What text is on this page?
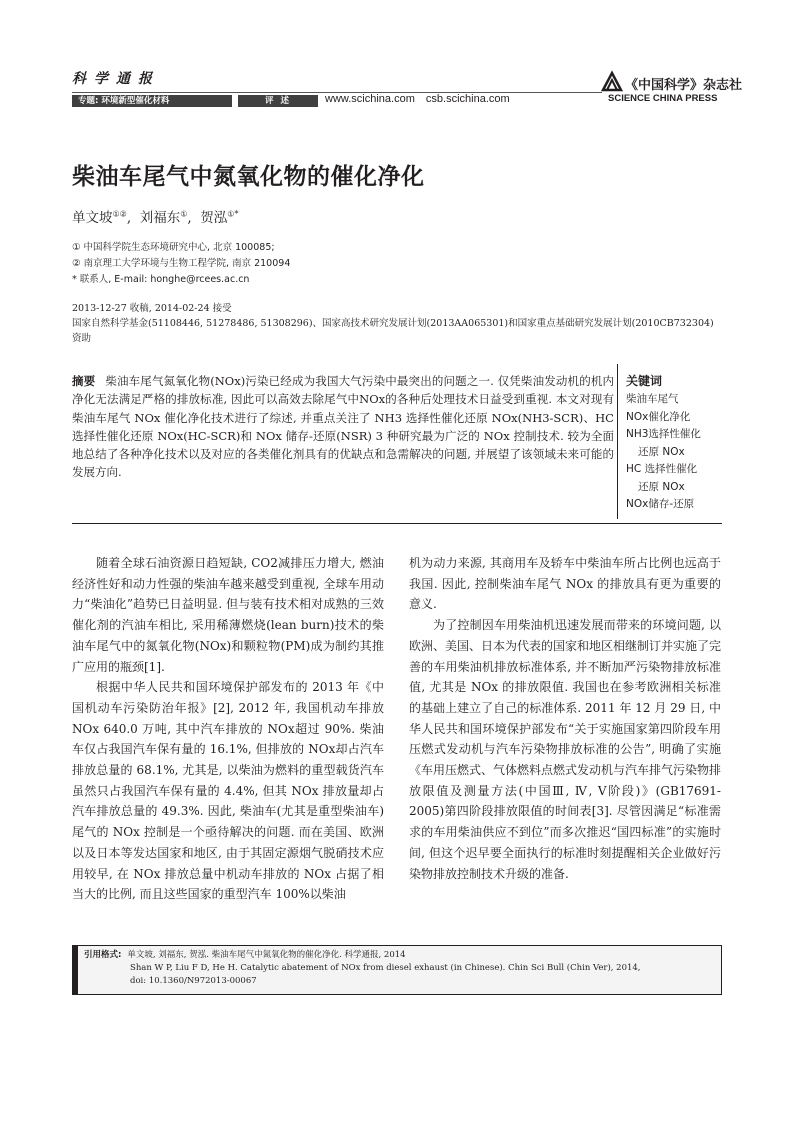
科学通报	《中国科学》杂志社
SCIENCE CHINA PRESS
专题: 环境新型催化材料	评 述	www.scichina.com csb.scichina.com
柴油车尾气中氮氧化物的催化净化
单文坡①②,  刘福东①,  贺泓①*
① 中国科学院生态环境研究中心, 北京 100085;
② 南京理工大学环境与生物工程学院, 南京 210094
* 联系人, E-mail: honghe@rcees.ac.cn
2013-12-27 收稿, 2014-02-24 接受
国家自然科学基金(51108446, 51278486, 51308296)、国家高技术研究发展计划(2013AA065301)和国家重点基础研究发展计划(2010CB732304)资助
摘要 柴油车尾气氮氧化物(NOx)污染已经成为我国大气污染中最突出的问题之一. 仅凭柴油发动机的机内净化无法满足严格的排放标准, 因此可以高效去除尾气中NOx的各种后处理技术日益受到重视. 本文对现有柴油车尾气 NOx 催化净化技术进行了综述, 并重点关注了 NH3 选择性催化还原 NOx(NH3-SCR)、HC 选择性催化还原 NOx(HC-SCR)和 NOx 储存-还原(NSR) 3 种研究最为广泛的 NOx 控制技术. 较为全面地总结了各种净化技术以及对应的各类催化剂具有的优缺点和急需解决的问题, 并展望了该领域未来可能的发展方向.
关键词
柴油车尾气
NOx催化净化
NH3选择性催化
还原 NOx
HC 选择性催化
还原 NOx
NOx储存-还原

随着全球石油资源日趋短缺, CO2减排压力增大, 燃油经济性好和动力性强的柴油车越来越受到重视, 全球车用动力“柴油化”趋势已日益明显. 但与装有技术相对成熟的三效催化剂的汽油车相比, 采用稀薄燃烧(lean burn)技术的柴油车尾气中的氮氧化物(NOx)和颗粒物(PM)成为制约其推广应用的瓶颈[1].

根据中华人民共和国环境保护部发布的 2013 年《中国机动车污染防治年报》[2], 2012 年, 我国机动车排放 NOx 640.0 万吨, 其中汽车排放的 NOx超过 90%. 柴油车仅占我国汽车保有量的 16.1%, 但排放的 NOx却占汽车排放总量的 68.1%, 尤其是, 以柴油为燃料的重型载货汽车虽然只占我国汽车保有量的 4.4%, 但其 NOx 排放量却占汽车排放总量的 49.3%. 因此, 柴油车(尤其是重型柴油车)尾气的 NOx 控制是一个亟待解决的问题. 而在美国、欧洲以及日本等发达国家和地区, 由于其固定源烟气脱硝技术应用较早, 在 NOx 排放总量中机动车排放的 NOx 占据了相当大的比例, 而且这些国家的重型汽车 100%以柴油

机为动力来源, 其商用车及轿车中柴油车所占比例也远高于我国. 因此, 控制柴油车尾气 NOx 的排放具有更为重要的意义.

为了控制因车用柴油机迅速发展而带来的环境问题, 以欧洲、美国、日本为代表的国家和地区相继制订并实施了完善的车用柴油机排放标准体系, 并不断加严污染物排放标准值, 尤其是 NOx 的排放限值. 我国也在参考欧洲相关标准的基础上建立了自己的标准体系. 2011 年 12 月 29 日, 中华人民共和国环境保护部发布“关于实施国家第四阶段车用压燃式发动机与汽车污染物排放标准的公告”, 明确了实施《车用压燃式、气体燃料点燃式发动机与汽车排气污染物排放限值及测量方法(中国Ⅲ, Ⅳ, Ⅴ阶段)》(GB17691-2005)第四阶段排放限值的时间表[3]. 尽管因满足“标准需求的车用柴油供应不到位”而多次推迟“国四标准”的实施时间, 但这个迟早要全面执行的标准时刻提醒相关企业做好污染物排放控制技术升级的准备.

引用格式: 单文坡, 刘福东, 贺泓. 柴油车尾气中氮氧化物的催化净化. 科学通报, 2014
Shan W P, Liu F D, He H. Catalytic abatement of NOx from diesel exhaust (in Chinese). Chin Sci Bull (Chin Ver), 2014,
doi: 10.1360/N972013-00067
